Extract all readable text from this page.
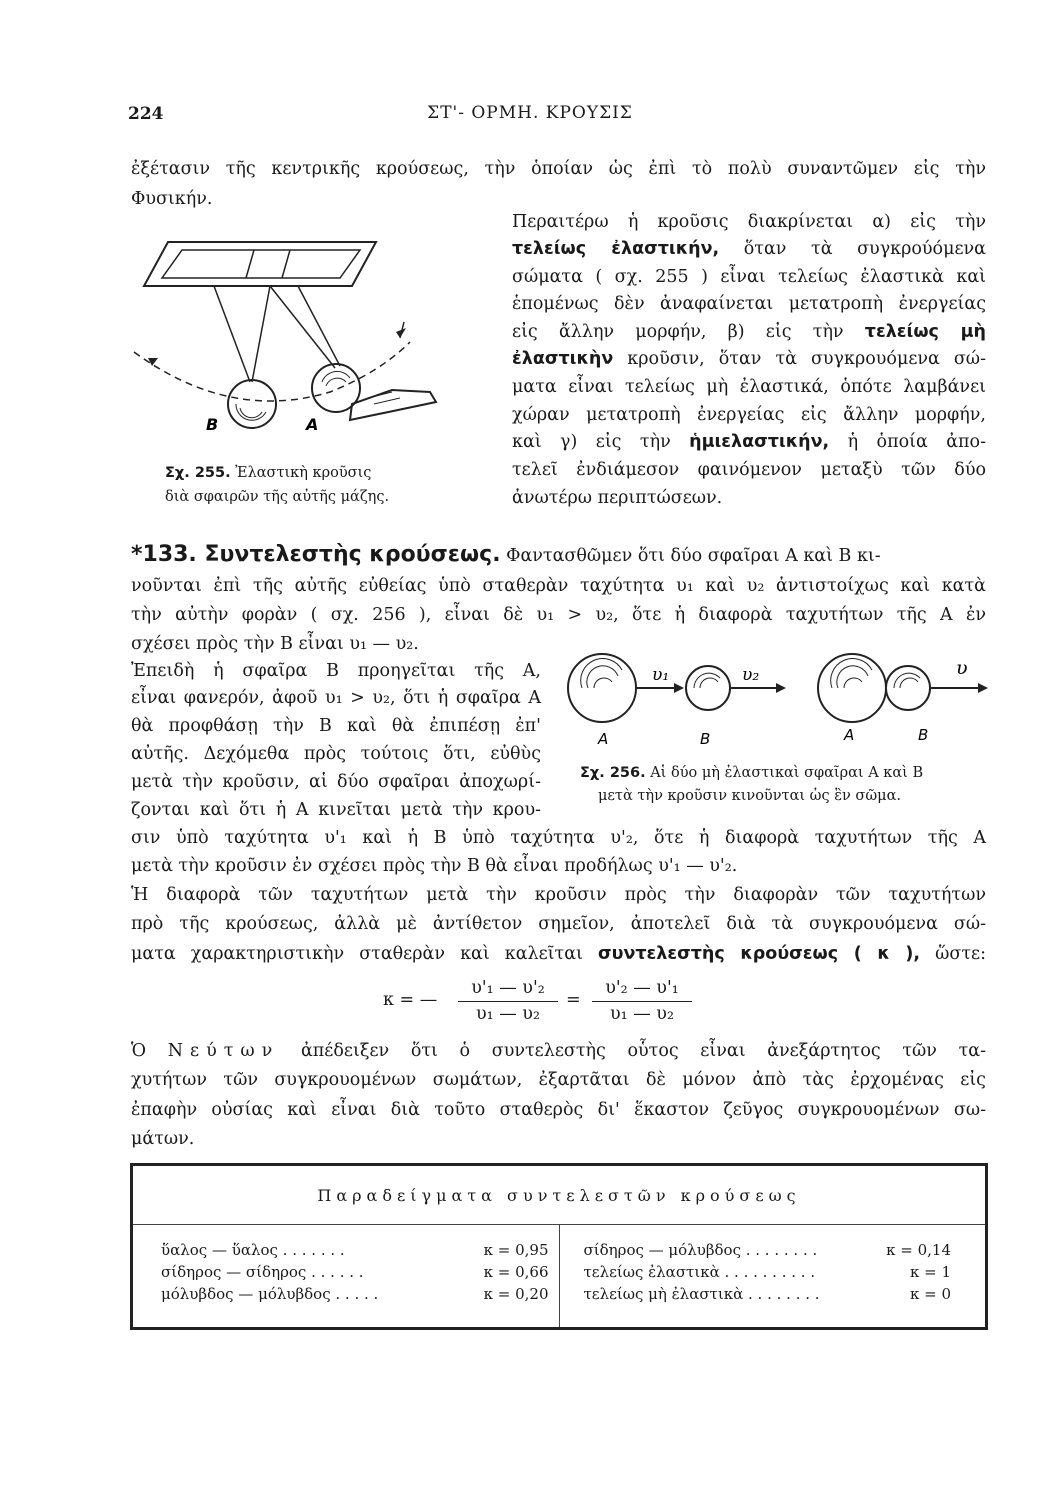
224	ΣΤ'- ΟΡΜΗ. ΚΡΟΥΣΙΣ
ἐξέτασιν τῆς κεντρικῆς κρούσεως, τὴν ὁποίαν ὡς ἐπὶ τὸ πολὺ συναντῶμεν εἰς τὴν
Φυσικήν.
Περαιτέρω ἡ κροῦσις διακρίνεται α) εἰς τὴν
τελείως ἐλαστικήν, ὅταν τὰ συγκρούόμενα
σώματα ( σχ. 255 ) εἶναι τελείως ἐλαστικὰ καὶ
ἑπομένως δὲν ἀναφαίνεται μετατροπὴ ἐνεργείας
εἰς ἄλλην μορφήν, β) εἰς τὴν τελείως μὴ
ἐλαστικὴν κροῦσιν, ὅταν τὰ συγκρουόμενα σώ-
ματα εἶναι τελείως μὴ ἐλαστικά, ὁπότε λαμβάνει
χώραν μετατροπὴ ἐνεργείας εἰς ἄλλην μορφήν,
καὶ γ) εἰς τὴν ἡμιελαστικήν, ἡ ὁποία ἀπο-
τελεῖ ἐνδιάμεσον φαινόμενον μεταξὺ τῶν δύο
ἀνωτέρω περιπτώσεων.
B	A
Σχ. 255. Ἐλαστικὴ κροῦσις
διὰ σφαιρῶν τῆς αὐτῆς μάζης.
*133. Συντελεστὴς κρούσεως. Φαντασθῶμεν ὅτι δύο σφαῖραι Α καὶ Β κι-
νοῦνται ἐπὶ τῆς αὐτῆς εὐθείας ὑπὸ σταθερὰν ταχύτητα υ₁ καὶ υ₂ ἀντιστοίχως καὶ κατὰ
τὴν αὐτὴν φορὰν ( σχ. 256 ), εἶναι δὲ υ₁ > υ₂, ὅτε ἡ διαφορὰ ταχυτήτων τῆς Α ἐν
σχέσει πρὸς τὴν Β εἶναι υ₁ — υ₂.
Ἐπειδὴ ἡ σφαῖρα Β προηγεῖται τῆς Α,
εἶναι φανερόν, ἀφοῦ υ₁ > υ₂, ὅτι ἡ σφαῖρα Α
θὰ προφθάσῃ τὴν Β καὶ θὰ ἐπιπέσῃ ἐπ'
αὐτῆς. Δεχόμεθα πρὸς τούτοις ὅτι, εὐθὺς
μετὰ τὴν κροῦσιν, αἱ δύο σφαῖραι ἀποχωρί-
ζονται καὶ ὅτι ἡ Α κινεῖται μετὰ τὴν κρου-
σιν ὑπὸ ταχύτητα υ'₁ καὶ ἡ Β ὑπὸ ταχύτητα υ'₂, ὅτε ἡ διαφορὰ ταχυτήτων τῆς Α
μετὰ τὴν κροῦσιν ἐν σχέσει πρὸς τὴν Β θὰ εἶναι προδήλως υ'₁ — υ'₂.
υ₁	υ₂	υ
A	B	A	B
Σχ. 256. Αἱ δύο μὴ ἐλαστικαὶ σφαῖραι Α καὶ Β
μετὰ τὴν κροῦσιν κινοῦνται ὡς ἓν σῶμα.
Ἡ διαφορὰ τῶν ταχυτήτων μετὰ τὴν κροῦσιν πρὸς τὴν διαφορὰν τῶν ταχυτήτων
πρὸ τῆς κρούσεως, ἀλλὰ μὲ ἀντίθετον σημεῖον, ἀποτελεῖ διὰ τὰ συγκρουόμενα σώ-
ματα χαρακτηριστικὴν σταθερὰν καὶ καλεῖται συντελεστὴς κρούσεως ( κ ), ὥστε:
κ = —
υ'₁ — υ'₂
υ₁ — υ₂
=
υ'₂ — υ'₁
υ₁ — υ₂
Ὁ Νεύτων ἀπέδειξεν ὅτι ὁ συντελεστὴς οὗτος εἶναι ἀνεξάρτητος τῶν τα-
χυτήτων τῶν συγκρουομένων σωμάτων, ἐξαρτᾶται δὲ μόνον ἀπὸ τὰς ἐρχομένας εἰς
ἐπαφὴν οὐσίας καὶ εἶναι διὰ τοῦτο σταθερὸς δι' ἕκαστον ζεῦγος συγκρουομένων σω-
μάτων.
Παραδείγματα συντελεστῶν κρούσεως

ὕαλος — ὕαλος . . . . . . .	κ = 0,95
σίδηρος — σίδηρος . . . . . .	κ = 0,66
μόλυβδος — μόλυβδος . . . . .	κ = 0,20

σίδηρος — μόλυβδος . . . . . . . .	κ = 0,14
τελείως ἐλαστικὰ . . . . . . . . . .	κ = 1
τελείως μὴ ἐλαστικὰ . . . . . . . .	κ = 0
